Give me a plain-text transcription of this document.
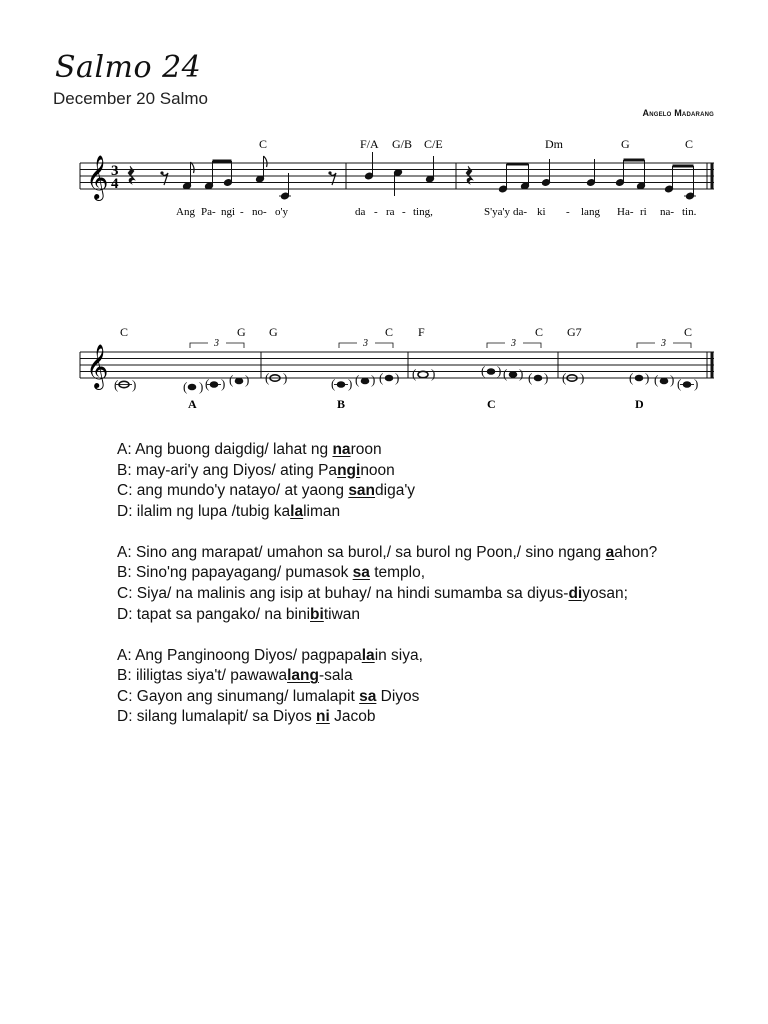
Salmo 24
December 20 Salmo
Angelo Madarang
𝄞
𝄞
3
4
( )	( ) ( ) ( ) ( )	( ) ( ) ( ) ( )	( ) ( ) ( ) ( )	( ) ( ) ( )
3	3	3	3
C	F/A G/B C/E	Dm	G	C
Ang Pa- ngi - no- o'y	da - ra - ting,	S'ya'y da- ki - lang Ha- ri na- tin.
C	G G	C F	C G7	C
A	B	C	D
A: Ang buong daigdig/ lahat ng naroon
B: may-ari'y ang Diyos/ ating Panginoon
C: ang mundo'y natayo/ at yaong sandiga'y
D: ilalim ng lupa /tubig kalaliman
A: Sino ang marapat/ umahon sa burol,/ sa burol ng Poon,/ sino ngang aahon?
B: Sino'ng papayagang/ pumasok sa templo,
C: Siya/ na malinis ang isip at buhay/ na hindi sumamba sa diyus-diyosan;
D: tapat sa pangako/ na binibitiwan
A: Ang Panginoong Diyos/ pagpapalain siya,
B: ililigtas siya't/ pawawalang-sala
C: Gayon ang sinumang/ lumalapit sa Diyos
D: silang lumalapit/ sa Diyos ni Jacob
